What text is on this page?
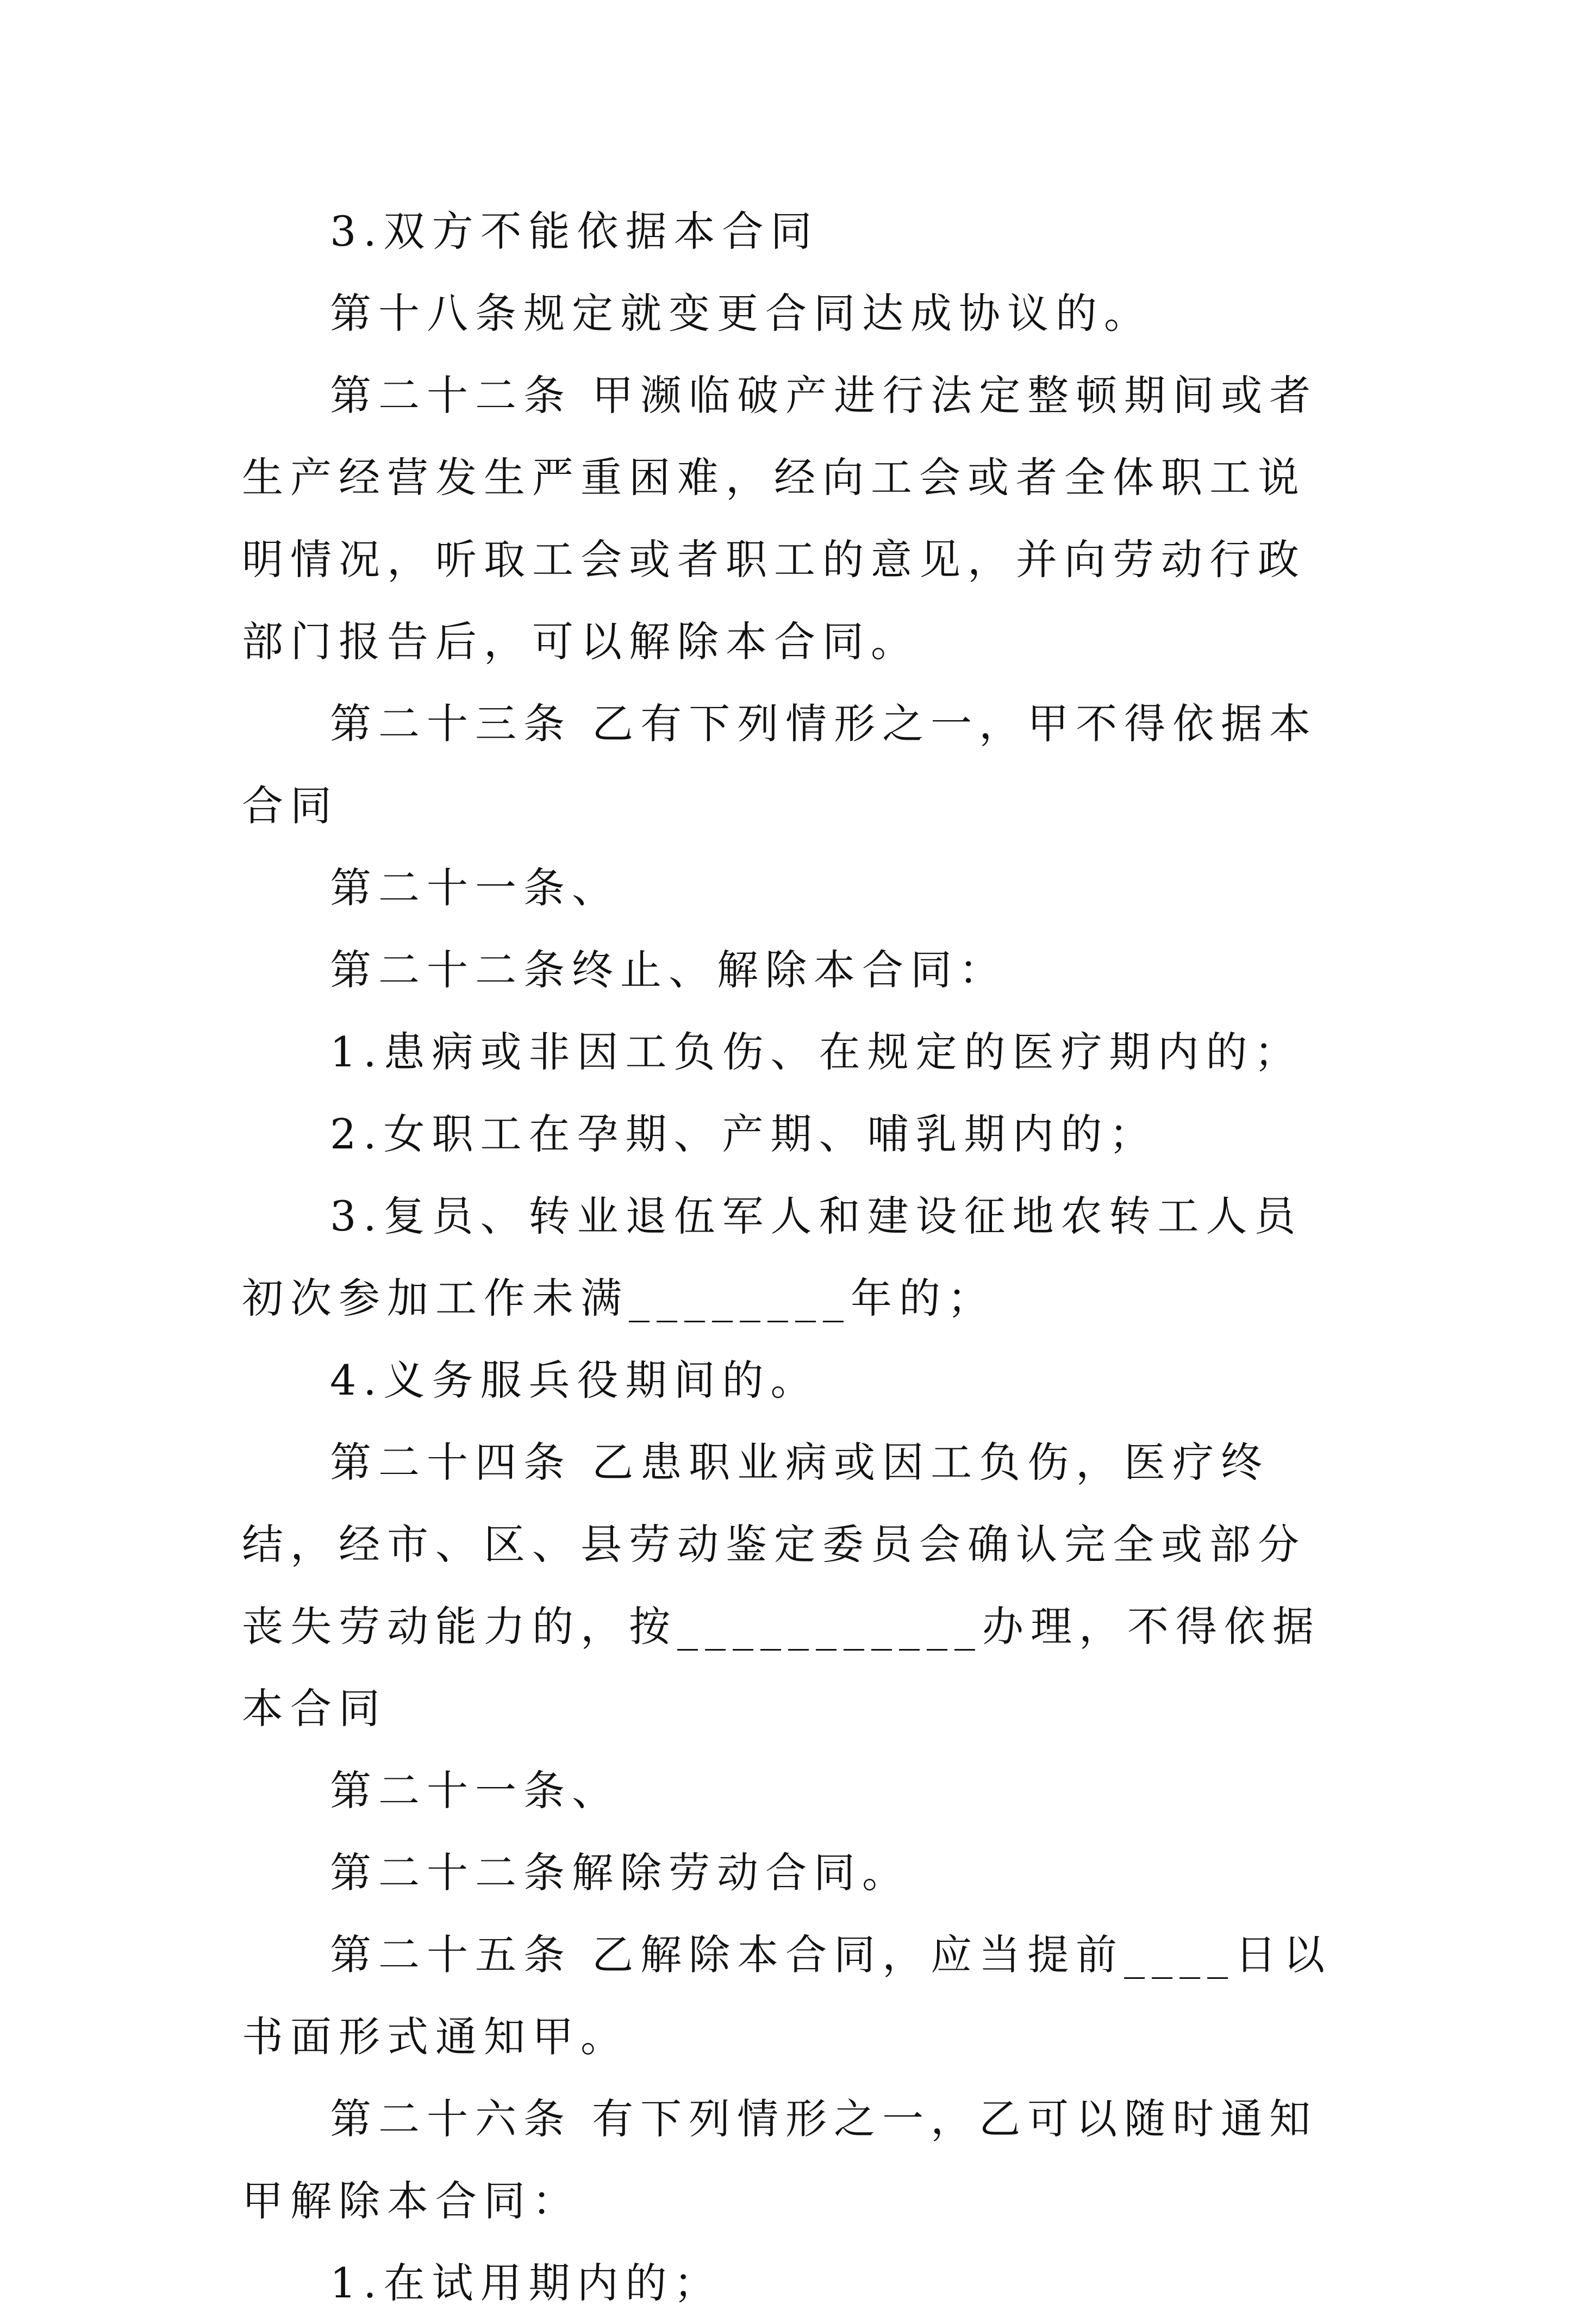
3.双方不能依据本合同

第十八条规定就变更合同达成协议的。

第二十二条 甲濒临破产进行法定整顿期间或者生产经营发生严重困难，经向工会或者全体职工说明情况，听取工会或者职工的意见，并向劳动行政部门报告后，可以解除本合同。

第二十三条 乙有下列情形之一，甲不得依据本合同

第二十一条、

第二十二条终止、解除本合同：

1.患病或非因工负伤、在规定的医疗期内的；

2.女职工在孕期、产期、哺乳期内的；

3.复员、转业退伍军人和建设征地农转工人员初次参加工作未满________年的；

4.义务服兵役期间的。

第二十四条 乙患职业病或因工负伤，医疗终结，经市、区、县劳动鉴定委员会确认完全或部分丧失劳动能力的，按___________办理，不得依据本合同

第二十一条、

第二十二条解除劳动合同。

第二十五条 乙解除本合同，应当提前____日以书面形式通知甲。

第二十六条 有下列情形之一，乙可以随时通知甲解除本合同：

1.在试用期内的；
